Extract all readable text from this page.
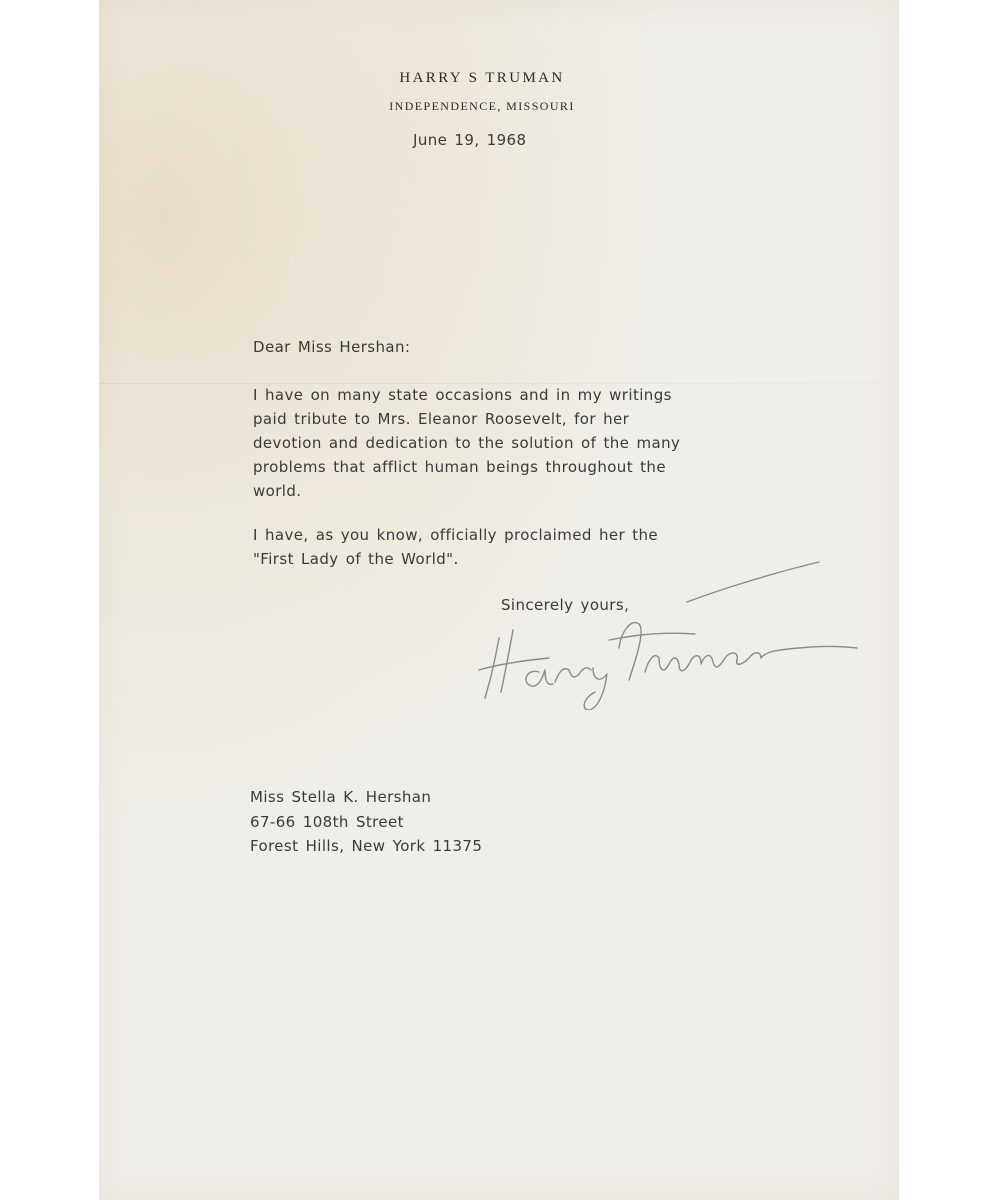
HARRY S TRUMAN
INDEPENDENCE, MISSOURI
June 19, 1968
Dear Miss Hershan:
I have on many state occasions and in my writings
paid tribute to Mrs. Eleanor Roosevelt, for her
devotion and dedication to the solution of the many
problems that afflict human beings throughout the
world.
I have, as you know, officially proclaimed her the
"First Lady of the World".
Sincerely yours,
Miss Stella K. Hershan
67-66 108th Street
Forest Hills, New York 11375
